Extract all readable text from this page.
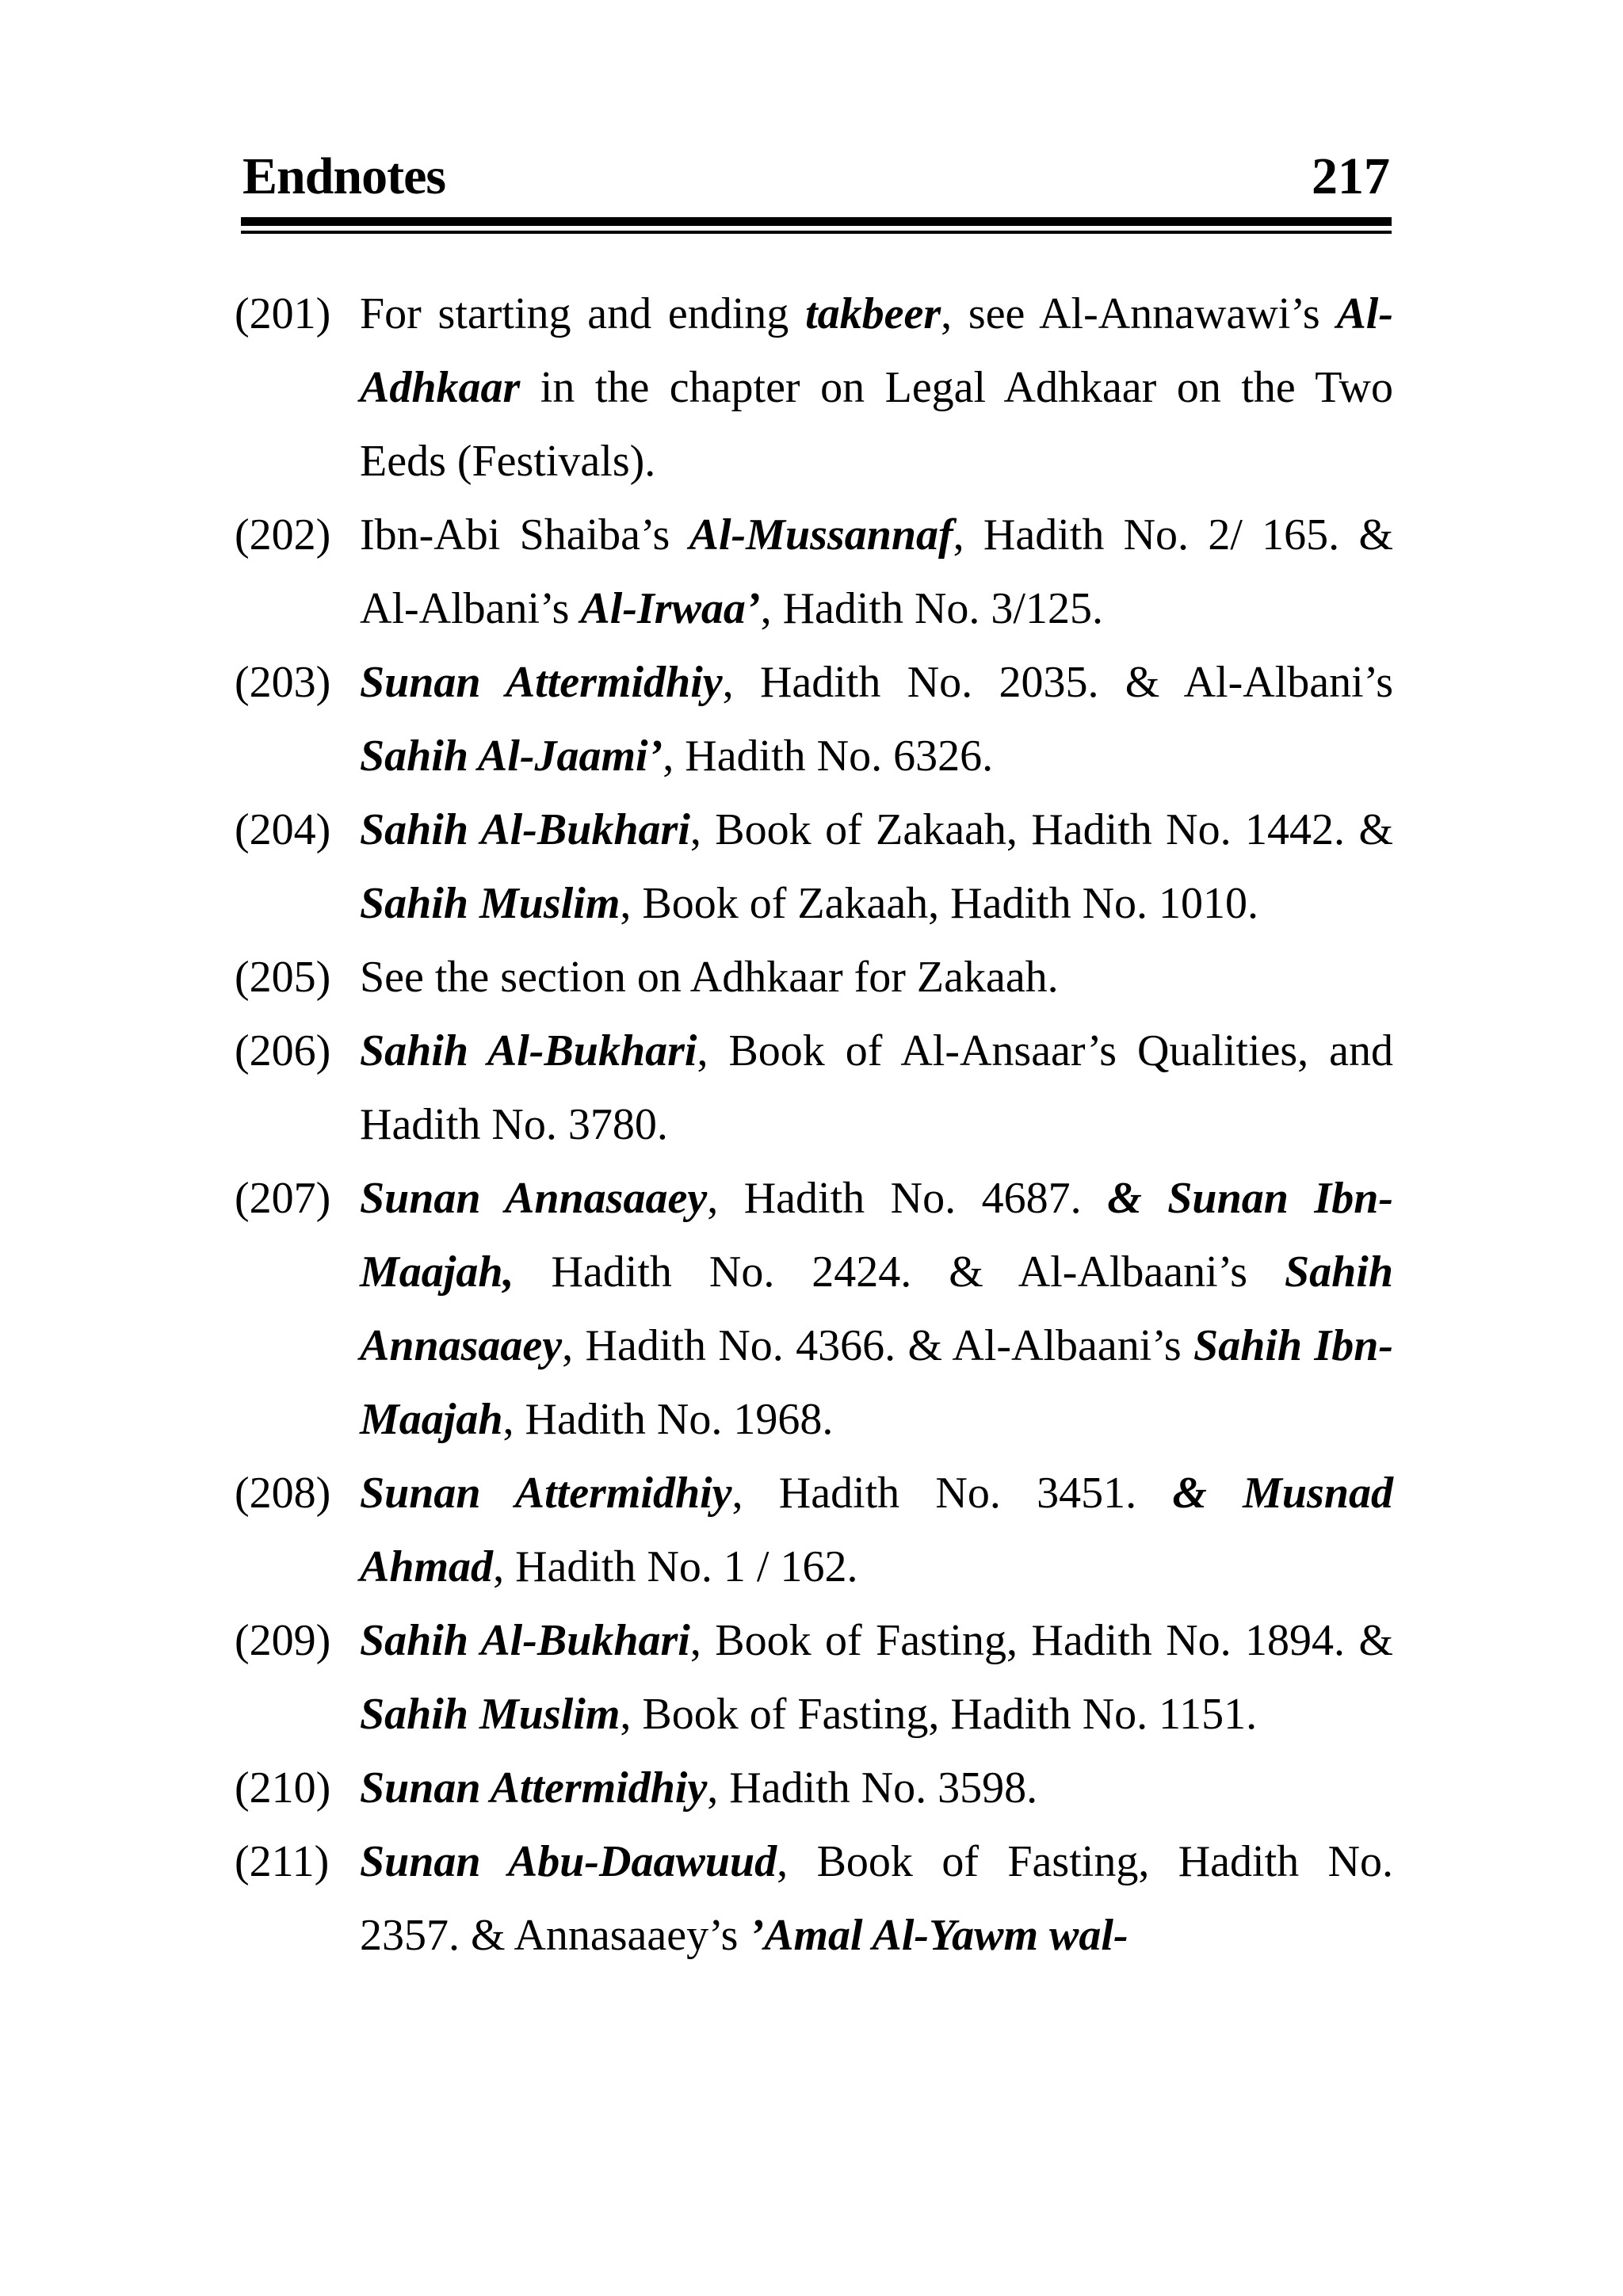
Endnotes	217
(201) For starting and ending takbeer, see Al-Annawawi’s Al-Adhkaar in the chapter on Legal Adhkaar on the Two Eeds (Festivals).
(202) Ibn-Abi Shaiba’s Al-Mussannaf, Hadith No. 2/ 165. & Al-Albani’s Al-Irwaa’, Hadith No. 3/125.
(203) Sunan Attermidhiy, Hadith No. 2035. & Al-Albani’s Sahih Al-Jaami’, Hadith No. 6326.
(204) Sahih Al-Bukhari, Book of Zakaah, Hadith No. 1442. & Sahih Muslim, Book of Zakaah, Hadith No. 1010.
(205) See the section on Adhkaar for Zakaah.
(206) Sahih Al-Bukhari, Book of Al-Ansaar’s Qualities, and Hadith No. 3780.
(207) Sunan Annasaaey, Hadith No. 4687. & Sunan Ibn-Maajah, Hadith No. 2424. & Al-Albaani’s Sahih Annasaaey, Hadith No. 4366. & Al-Albaani’s Sahih Ibn-Maajah, Hadith No. 1968.
(208) Sunan Attermidhiy, Hadith No. 3451. & Musnad Ahmad, Hadith No. 1 / 162.
(209) Sahih Al-Bukhari, Book of Fasting, Hadith No. 1894. & Sahih Muslim, Book of Fasting, Hadith No. 1151.
(210) Sunan Attermidhiy, Hadith No. 3598.
(211) Sunan Abu-Daawuud, Book of Fasting, Hadith No. 2357. & Annasaaey’s ’Amal Al-Yawm wal-
